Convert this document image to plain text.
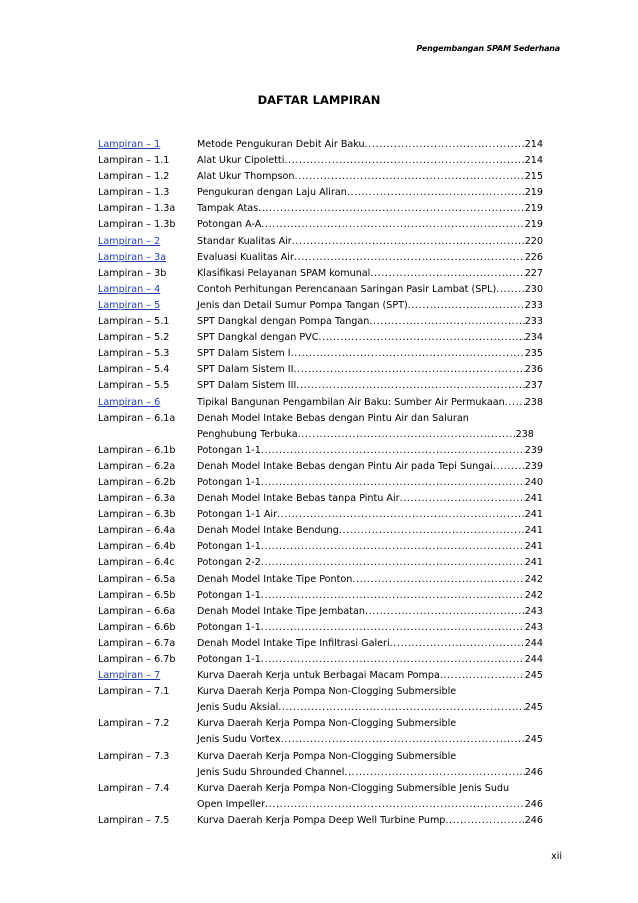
Pengembangan SPAM Sederhana
DAFTAR LAMPIRAN
Lampiran – 1	Metode Pengukuran Debit Air Baku .....	214
Lampiran – 1.1	Alat Ukur Cipoletti .....	214
Lampiran – 1.2	Alat Ukur Thompson .....	215
Lampiran – 1.3	Pengukuran dengan Laju Aliran .....	219
Lampiran – 1.3a	Tampak Atas .....	219
Lampiran – 1.3b	Potongan A-A .....	219
Lampiran – 2	Standar Kualitas Air .....	220
Lampiran – 3a	Evaluasi Kualitas Air .....	226
Lampiran – 3b	Klasifikasi Pelayanan SPAM komunal .....	227
Lampiran – 4	Contoh Perhitungan Perencanaan Saringan Pasir Lambat (SPL) .....	230
Lampiran – 5	Jenis dan Detail Sumur Pompa Tangan (SPT) .....	233
Lampiran – 5.1	SPT Dangkal dengan Pompa Tangan .....	233
Lampiran – 5.2	SPT Dangkal dengan PVC .....	234
Lampiran – 5.3	SPT Dalam Sistem I .....	235
Lampiran – 5.4	SPT Dalam Sistem II .....	236
Lampiran – 5.5	SPT Dalam Sistem III .....	237
Lampiran – 6	Tipikal Bangunan Pengambilan Air Baku: Sumber Air Permukaan ..... 238
Lampiran – 6.1a	Denah Model Intake Bebas dengan Pintu Air dan Saluran
Penghubung Terbuka .....	238
Lampiran – 6.1b	Potongan 1-1 .....	239
Lampiran – 6.2a	Denah Model Intake Bebas dengan Pintu Air pada Tepi Sungai .....	239
Lampiran – 6.2b	Potongan 1-1 .....	240
Lampiran – 6.3a	Denah Model Intake Bebas tanpa Pintu Air .....	241
Lampiran – 6.3b	Potongan 1-1 Air .....	241
Lampiran – 6.4a	Denah Model Intake Bendung .....	241
Lampiran – 6.4b	Potongan 1-1 .....	241
Lampiran – 6.4c	Potongan 2-2 .....	241
Lampiran – 6.5a	Denah Model Intake Tipe Ponton .....	242
Lampiran – 6.5b	Potongan 1-1 .....	242
Lampiran – 6.6a	Denah Model Intake Tipe Jembatan .....	243
Lampiran – 6.6b	Potongan 1-1 .....	243
Lampiran – 6.7a	Denah Model Intake Tipe Infiltrasi Galeri .....	244
Lampiran – 6.7b	Potongan 1-1 .....	244
Lampiran – 7	Kurva Daerah Kerja untuk Berbagai Macam Pompa .....	245
Lampiran – 7.1	Kurva Daerah Kerja Pompa Non-Clogging Submersible
Jenis Sudu Aksial .....	245
Lampiran – 7.2	Kurva Daerah Kerja Pompa Non-Clogging Submersible
Jenis Sudu Vortex .....	245
Lampiran – 7.3	Kurva Daerah Kerja Pompa Non-Clogging Submersible
Jenis Sudu Shrounded Channel .....	246
Lampiran – 7.4	Kurva Daerah Kerja Pompa Non-Clogging Submersible Jenis Sudu
Open Impeller .....	246
Lampiran – 7.5	Kurva Daerah Kerja Pompa Deep Well Turbine Pump .....	246
xii
